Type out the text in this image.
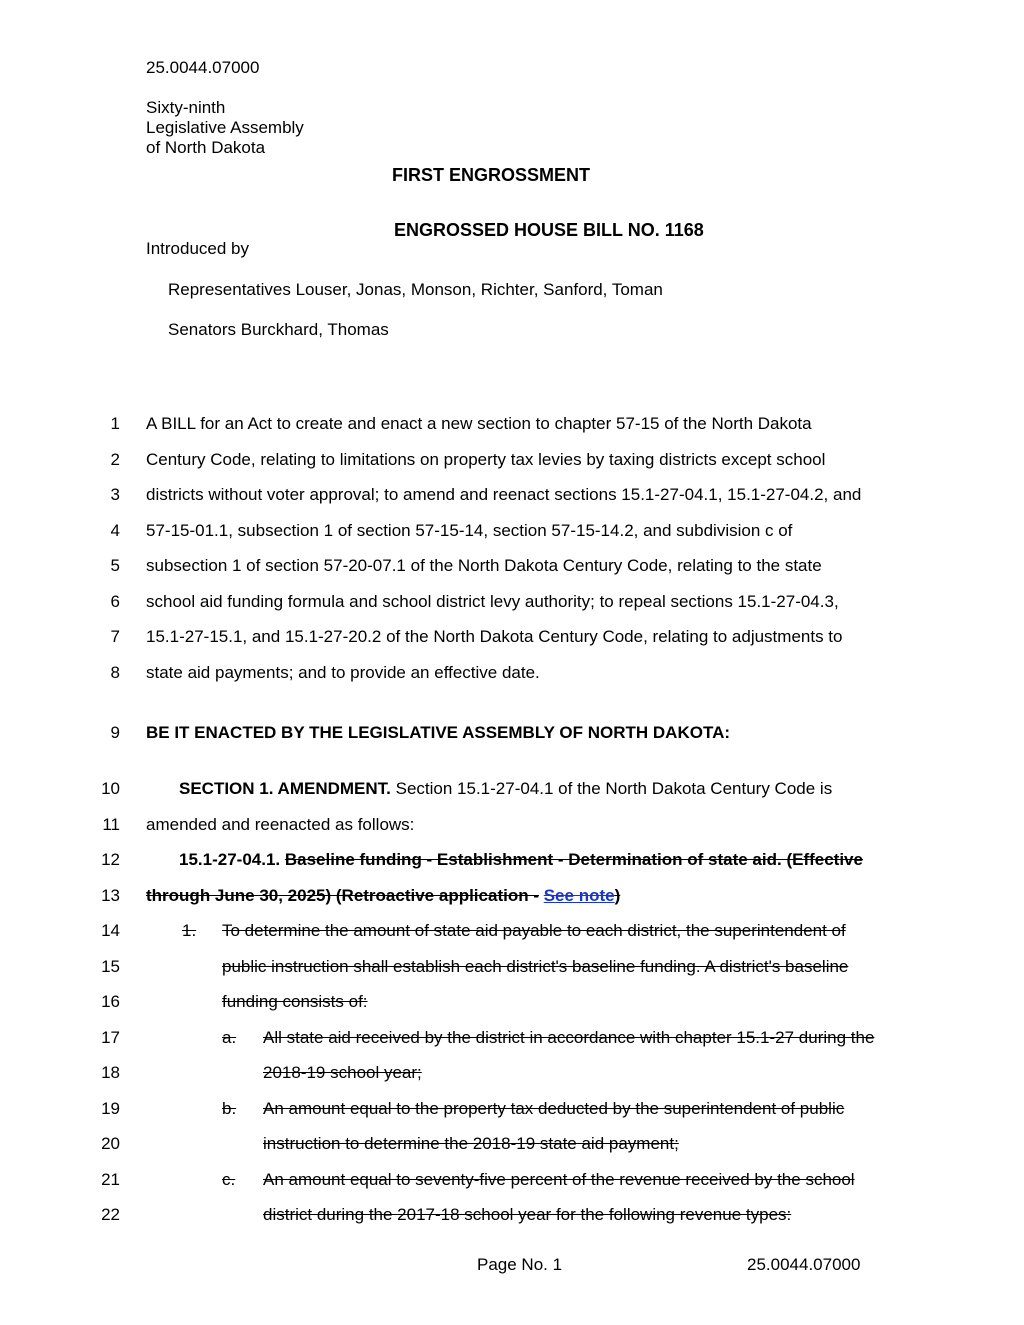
25.0044.07000
Sixty-ninth
Legislative Assembly
of North Dakota
FIRST ENGROSSMENT
ENGROSSED HOUSE BILL NO. 1168
Introduced by
Representatives Louser, Jonas, Monson, Richter, Sanford, Toman
Senators Burckhard, Thomas
1 A BILL for an Act to create and enact a new section to chapter 57-15 of the North Dakota
2 Century Code, relating to limitations on property tax levies by taxing districts except school
3 districts without voter approval; to amend and reenact sections 15.1-27-04.1, 15.1-27-04.2, and
4 57-15-01.1, subsection 1 of section 57-15-14, section 57-15-14.2, and subdivision c of
5 subsection 1 of section 57-20-07.1 of the North Dakota Century Code, relating to the state
6 school aid funding formula and school district levy authority; to repeal sections 15.1-27-04.3,
7 15.1-27-15.1, and 15.1-27-20.2 of the North Dakota Century Code, relating to adjustments to
8 state aid payments; and to provide an effective date.
9 BE IT ENACTED BY THE LEGISLATIVE ASSEMBLY OF NORTH DAKOTA:
10	SECTION 1. AMENDMENT. Section 15.1-27-04.1 of the North Dakota Century Code is
11 amended and reenacted as follows:
12	15.1-27-04.1. Baseline funding - Establishment - Determination of state aid. (Effective
13 through June 30, 2025) (Retroactive application - See note)
14	1. To determine the amount of state aid payable to each district, the superintendent of
15	public instruction shall establish each district's baseline funding. A district's baseline
16	funding consists of:
17	a. All state aid received by the district in accordance with chapter 15.1-27 during the
18	2018-19 school year;
19	b. An amount equal to the property tax deducted by the superintendent of public
20	instruction to determine the 2018-19 state aid payment;
21	c. An amount equal to seventy-five percent of the revenue received by the school
22	district during the 2017-18 school year for the following revenue types:
Page No. 1	25.0044.07000
